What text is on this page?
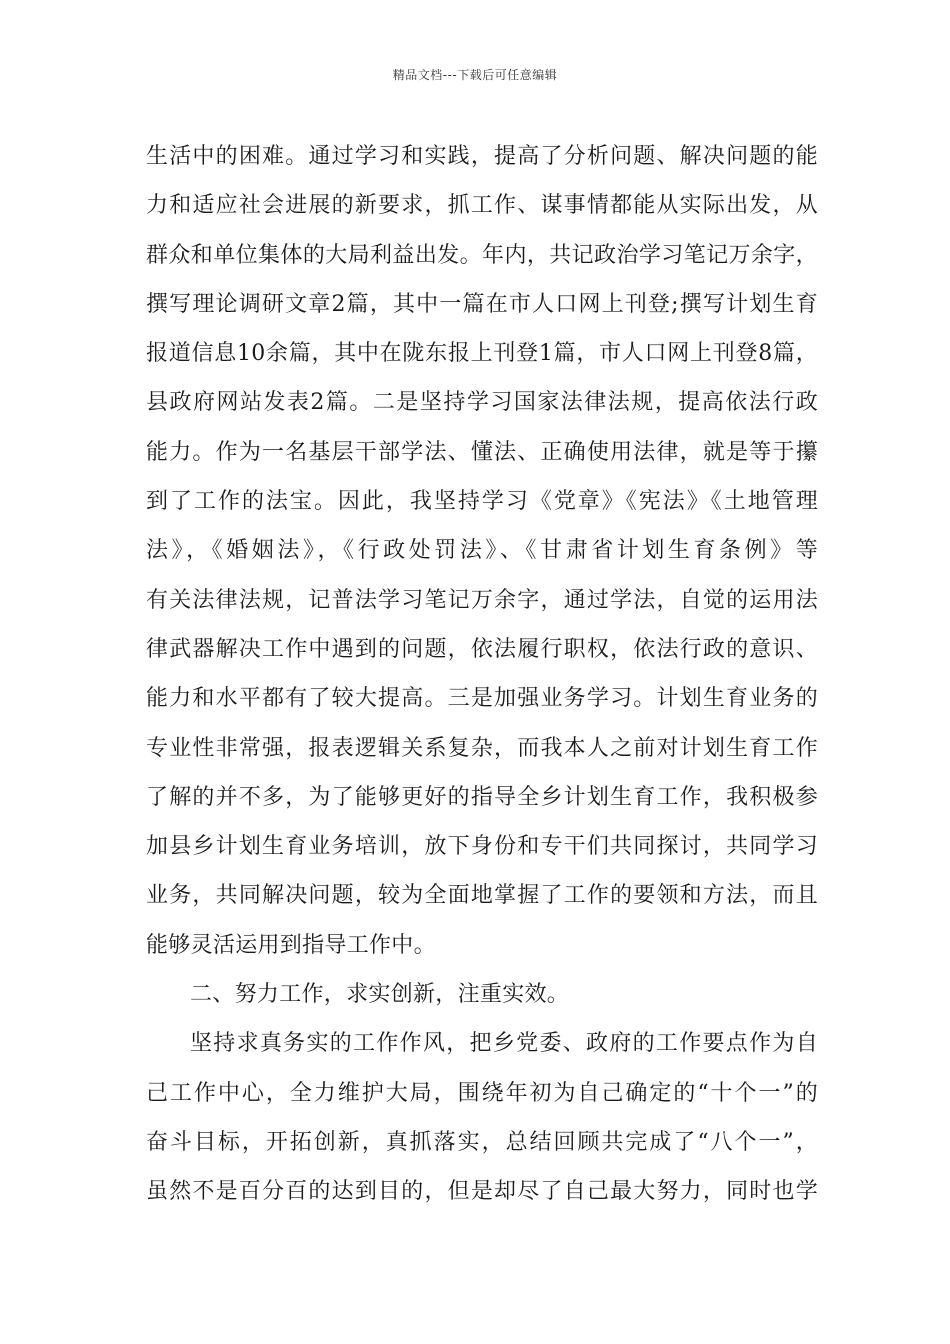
精品文档---下载后可任意编辑
生活中的困难。通过学习和实践，提高了分析问题、解决问题的能
力和适应社会进展的新要求，抓工作、谋事情都能从实际出发，从
群众和单位集体的大局利益出发。年内，共记政治学习笔记万余字，
撰写理论调研文章2篇，其中一篇在市人口网上刊登;撰写计划生育
报道信息10余篇，其中在陇东报上刊登1篇，市人口网上刊登8篇，
县政府网站发表2篇。二是坚持学习国家法律法规，提高依法行政
能力。作为一名基层干部学法、懂法、正确使用法律，就是等于攥
到了工作的法宝。因此，我坚持学习《党章》《宪法》《土地管理
法》，《婚姻法》，《行政处罚法》、《甘肃省计划生育条例》等
有关法律法规，记普法学习笔记万余字，通过学法，自觉的运用法
律武器解决工作中遇到的问题，依法履行职权，依法行政的意识、
能力和水平都有了较大提高。三是加强业务学习。计划生育业务的
专业性非常强，报表逻辑关系复杂，而我本人之前对计划生育工作
了解的并不多，为了能够更好的指导全乡计划生育工作，我积极参
加县乡计划生育业务培训，放下身份和专干们共同探讨，共同学习
业务，共同解决问题，较为全面地掌握了工作的要领和方法，而且
能够灵活运用到指导工作中。
二、努力工作，求实创新，注重实效。
坚持求真务实的工作作风，把乡党委、政府的工作要点作为自
己工作中心，全力维护大局，围绕年初为自己确定的“十个一”的
奋斗目标，开拓创新，真抓落实，总结回顾共完成了“八个一”，
虽然不是百分百的达到目的，但是却尽了自己最大努力，同时也学
